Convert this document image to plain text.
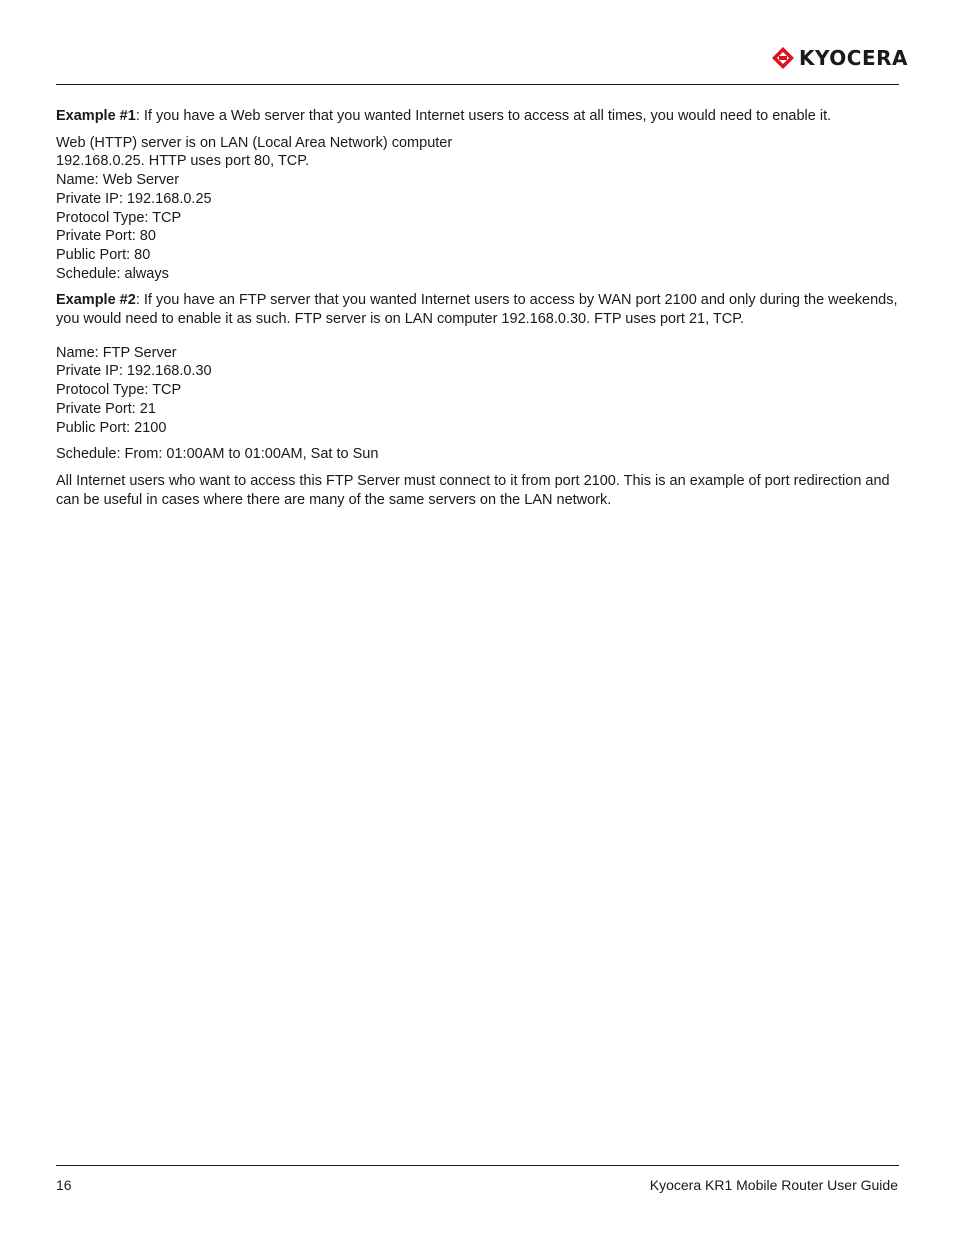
KYOCERA

Example #1: If you have a Web server that you wanted Internet users to access at all times, you would need to enable it.

Web (HTTP) server is on LAN (Local Area Network) computer
192.168.0.25. HTTP uses port 80, TCP.
Name: Web Server
Private IP: 192.168.0.25
Protocol Type: TCP
Private Port: 80
Public Port: 80
Schedule: always

Example #2: If you have an FTP server that you wanted Internet users to access by WAN port 2100 and only during the weekends, you would need to enable it as such. FTP server is on LAN computer 192.168.0.30. FTP uses port 21, TCP.

Name: FTP Server
Private IP: 192.168.0.30
Protocol Type: TCP
Private Port: 21
Public Port: 2100

Schedule: From: 01:00AM to 01:00AM, Sat to Sun

All Internet users who want to access this FTP Server must connect to it from port 2100. This is an example of port redirection and can be useful in cases where there are many of the same servers on the LAN network.

16	Kyocera KR1 Mobile Router User Guide
